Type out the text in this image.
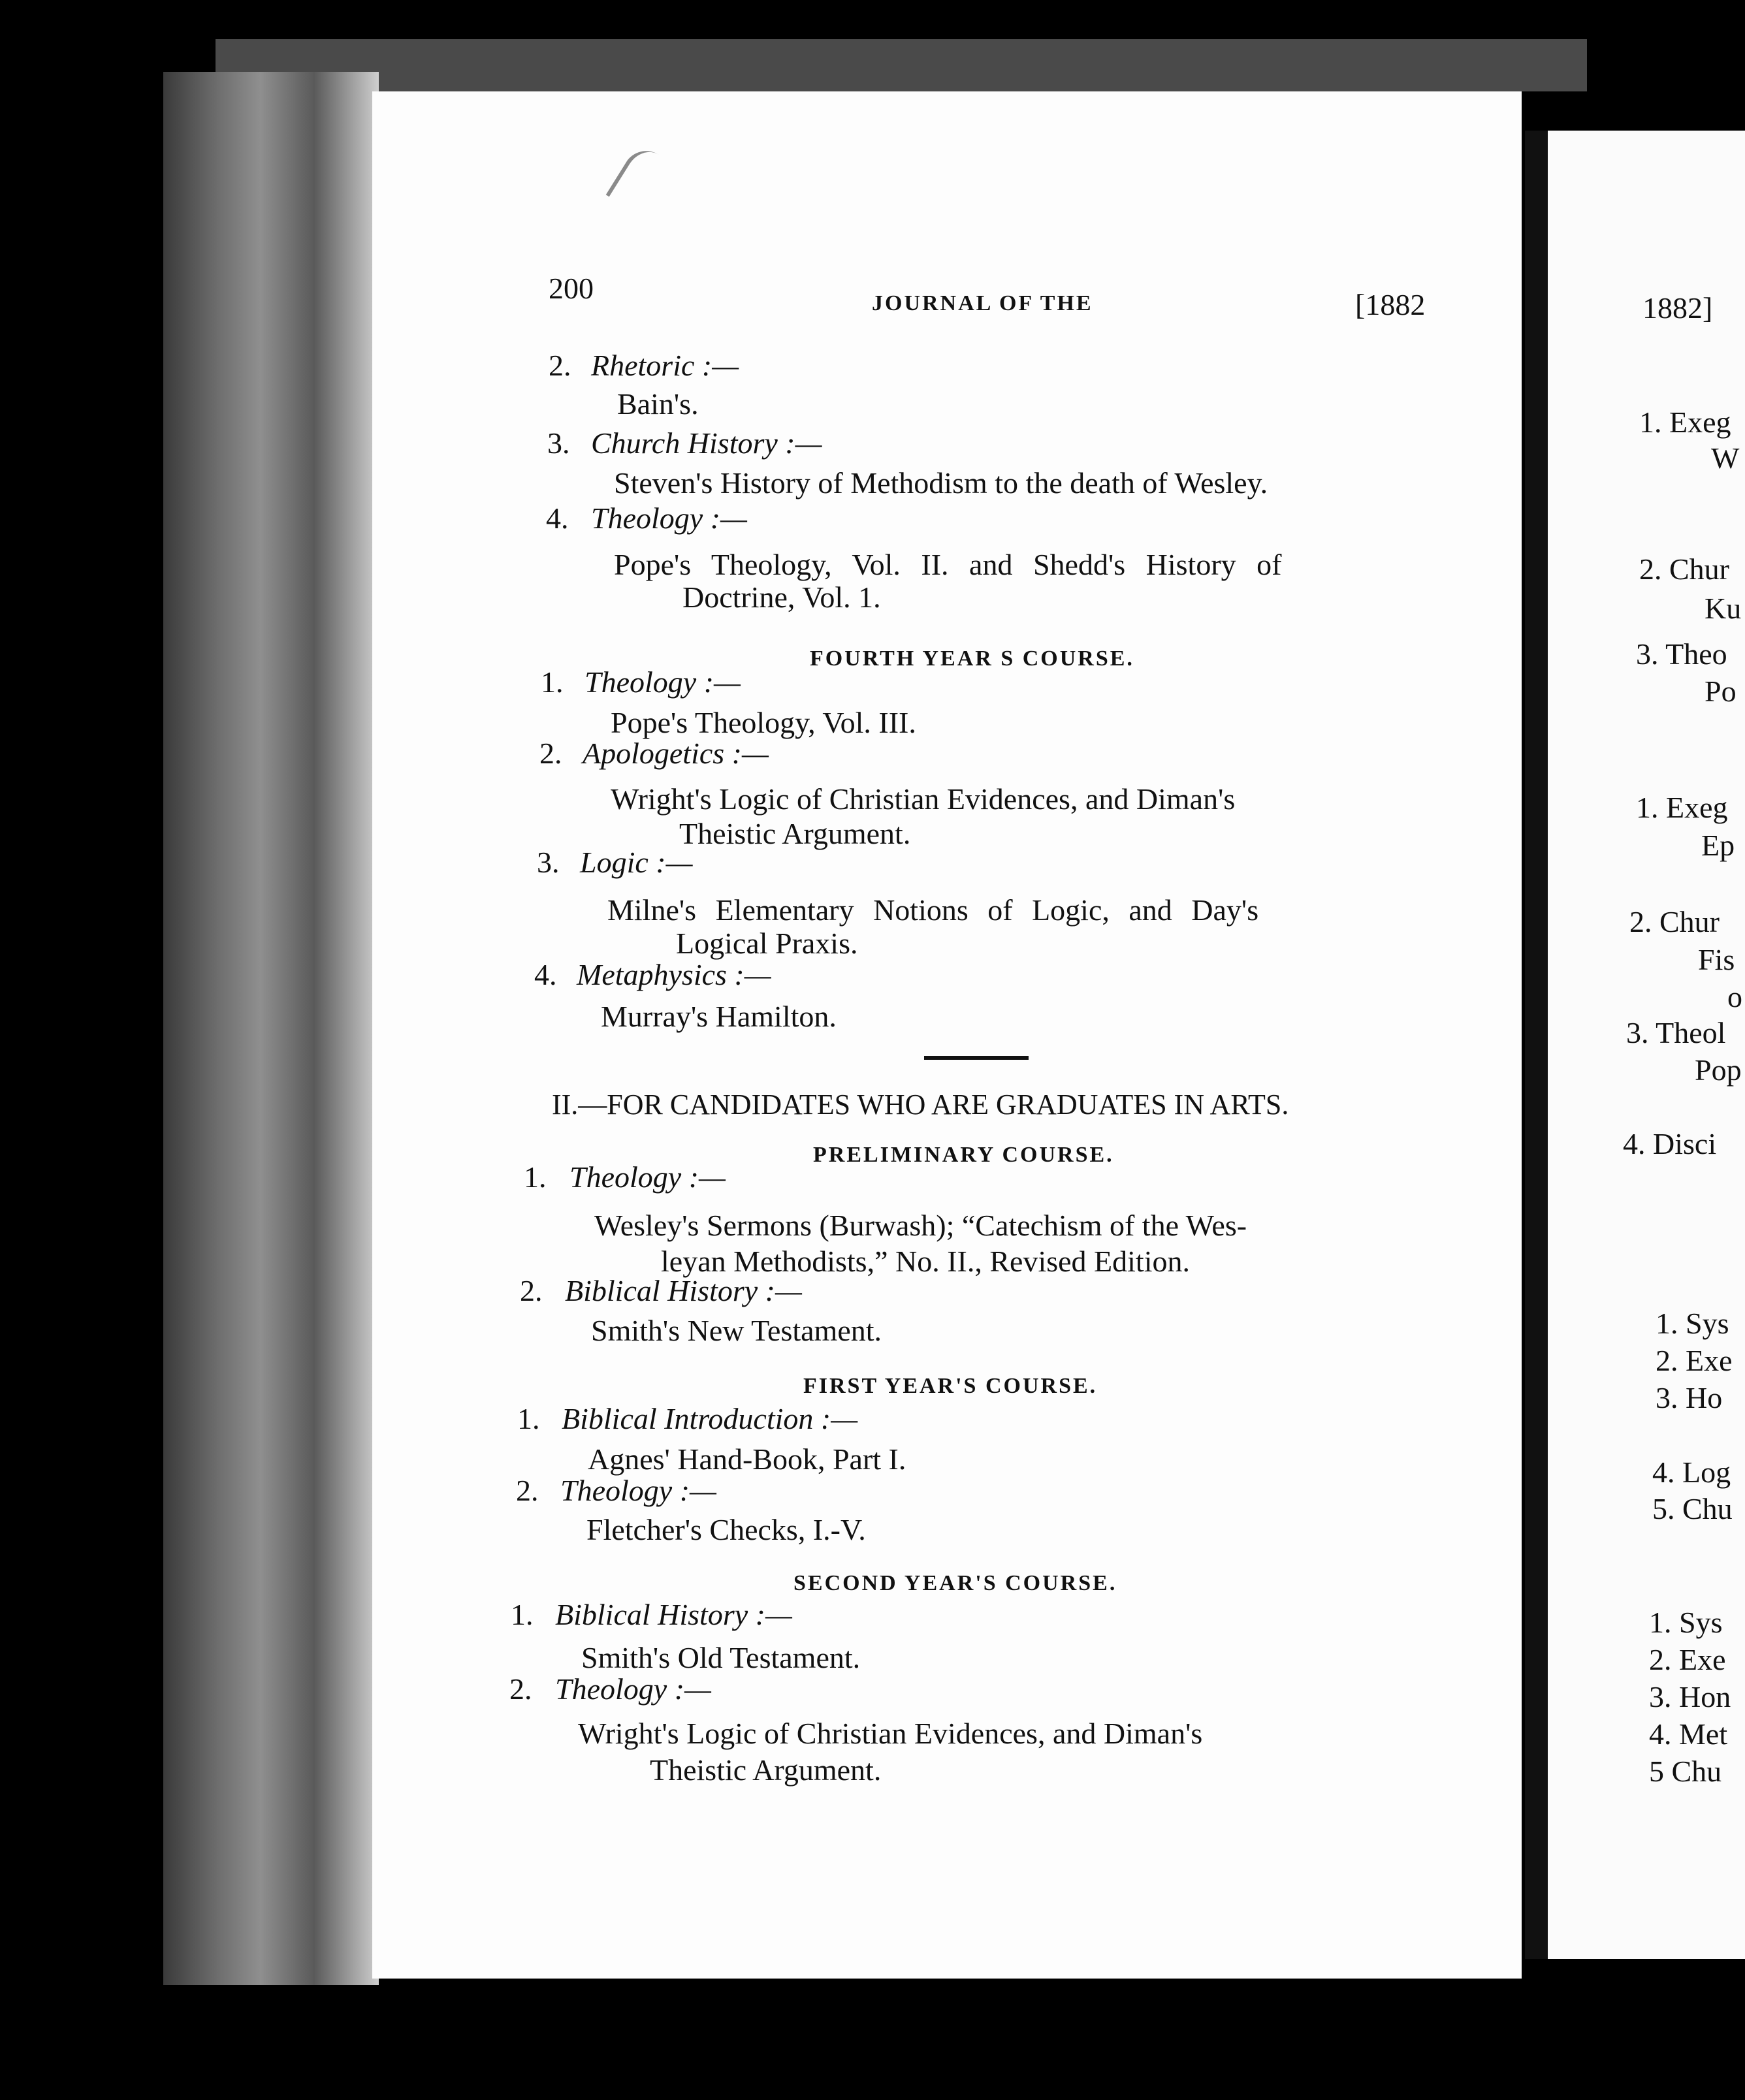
200	JOURNAL OF THE	[1882
2. Rhetoric :—
Bain's.
3. Church History :—
Steven's History of Methodism to the death of Wesley.
4. Theology :—
Pope's Theology, Vol. II. and Shedd's History of
Doctrine, Vol. 1.
FOURTH YEAR S COURSE.
1. Theology :—
Pope's Theology, Vol. III.
2. Apologetics :—
Wright's Logic of Christian Evidences, and Diman's
Theistic Argument.
3. Logic :—
Milne's Elementary Notions of Logic, and Day's
Logical Praxis.
4. Metaphysics :—
Murray's Hamilton.
II.—FOR CANDIDATES WHO ARE GRADUATES IN ARTS.
PRELIMINARY COURSE.
1. Theology :—
Wesley's Sermons (Burwash); “Catechism of the Wes-
leyan Methodists,” No. II., Revised Edition.
2. Biblical History :—
Smith's New Testament.
FIRST YEAR'S COURSE.
1. Biblical Introduction :—
Agnes' Hand-Book, Part I.
2. Theology :—
Fletcher's Checks, I.-V.
SECOND YEAR'S COURSE.
1. Biblical History :—
Smith's Old Testament.
2. Theology :—
Wright's Logic of Christian Evidences, and Diman's
Theistic Argument.
1882]
1. Exeg
W
2. Chur
Ku
3. Theo
Po
1. Exeg
Ep
2. Chur
Fis
o
3. Theol
Pop
4. Disci
1. Sys
2. Exe
3. Ho
4. Log
5. Chu
1. Sys
2. Exe
3. Hon
4. Met
5 Chu
